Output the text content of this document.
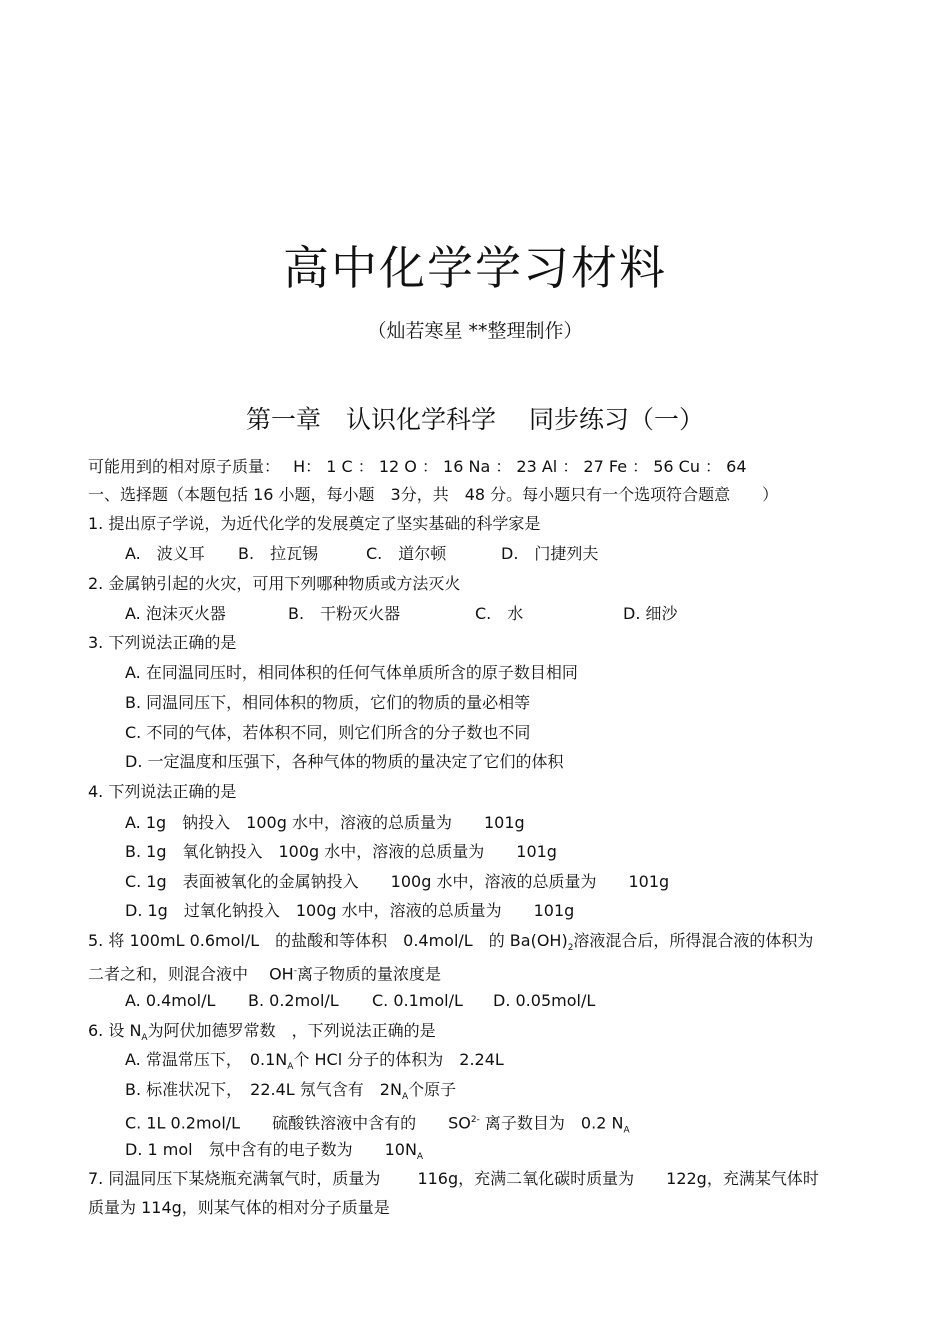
高中化学学习材料
（灿若寒星 **整理制作）
第一章　认识化学科学　 同步练习（一）
可能用到的相对原子质量：　 H： 1 C ： 12 O ： 16 Na ： 23 Al ： 27 Fe ： 56 Cu ： 64
一、选择题（本题包括 16 小题，每小题　3分，共　48 分。每小题只有一个选项符合题意　　）
1. 提出原子学说，为近代化学的发展奠定了坚实基础的科学家是
A.　波义耳	B.　拉瓦锡	C.　道尔顿	D.　门捷列夫
2. 金属钠引起的火灾，可用下列哪种物质或方法灭火
A. 泡沫灭火器	B.　干粉灭火器	C.　水	D. 细沙
3. 下列说法正确的是
A. 在同温同压时，相同体积的任何气体单质所含的原子数目相同
B. 同温同压下，相同体积的物质，它们的物质的量必相等
C. 不同的气体，若体积不同，则它们所含的分子数也不同
D. 一定温度和压强下，各种气体的物质的量决定了它们的体积
4. 下列说法正确的是
A. 1g　钠投入　100g 水中，溶液的总质量为　　101g
B. 1g　氧化钠投入　100g 水中，溶液的总质量为　　101g
C. 1g　表面被氧化的金属钠投入　　100g 水中，溶液的总质量为　　101g
D. 1g　过氧化钠投入　100g 水中，溶液的总质量为　　101g
5. 将 100mL 0.6mol/L　的盐酸和等体积　0.4mol/L　的 $Ba(OH)_2$溶液混合后，所得混合液的体积为
二者之和，则混合液中　 OH-离子物质的量浓度是
A. 0.4mol/L	B. 0.2mol/L	C. 0.1mol/L	D. 0.05mol/L
6. 设 $N_A$为阿伏加德罗常数　，下列说法正确的是
A. 常温常压下，　$0.1N_A$个 HCl 分子的体积为　2.24L
B. 标准状况下，　22.4L 氖气含有　$2N_A$个原子
C. 1L 0.2mol/L　　硫酸铁溶液中含有的　　$SO^{2-}$ 离子数目为　0.2 $N_A$
D. 1 mol　氖中含有的电子数为　　$10N_A$
7. 同温同压下某烧瓶充满氧气时，质量为　　 116g，充满二氧化碳时质量为　　122g，充满某气体时
质量为 114g，则某气体的相对分子质量是
